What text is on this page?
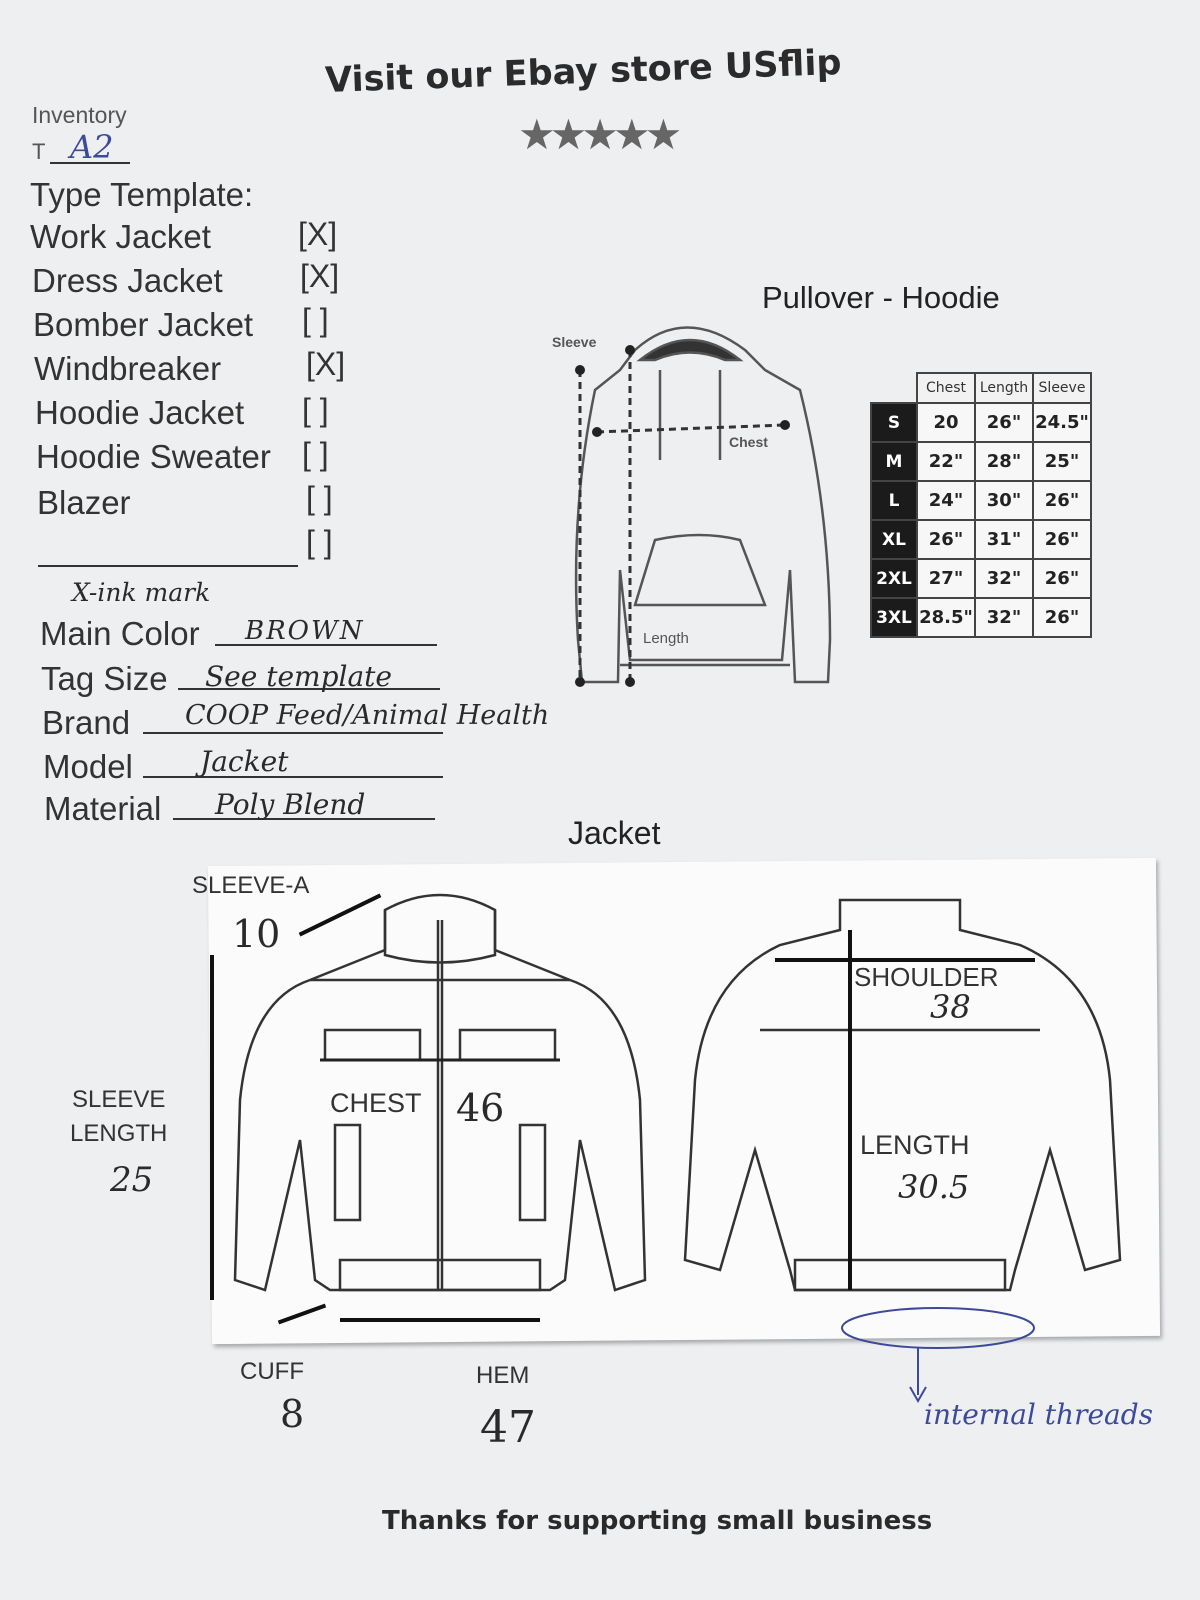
Visit our Ebay store USflip
★★★★★
Inventory
T A2
Type Template:
Work Jacket	[X]
Dress Jacket [X]
Bomber Jacket [ ]
Windbreaker	[X]
Hoodie Jacket [ ]
Hoodie Sweater [ ]
Blazer	[ ]
[ ]
X-ink mark
Main Color BROWN
Tag Size See template
Brand COOP Feed/Animal Health
Model Jacket
Material Poly Blend
Pullover - Hoodie
Sleeve
Chest
Length
	Chest	Length	Sleeve
S	20	26"	24.5"
M	22"	28"	25"
L	24"	30"	26"
XL	26"	31"	26"
2XL	27"	32"	26"
3XL	28.5"	32"	26"
Jacket
SLEEVE-A
10
SLEEVE
LENGTH
25
CHEST 46
SHOULDER
38
LENGTH
30.5
CUFF
8
HEM
47	internal threads
Thanks for supporting small business
